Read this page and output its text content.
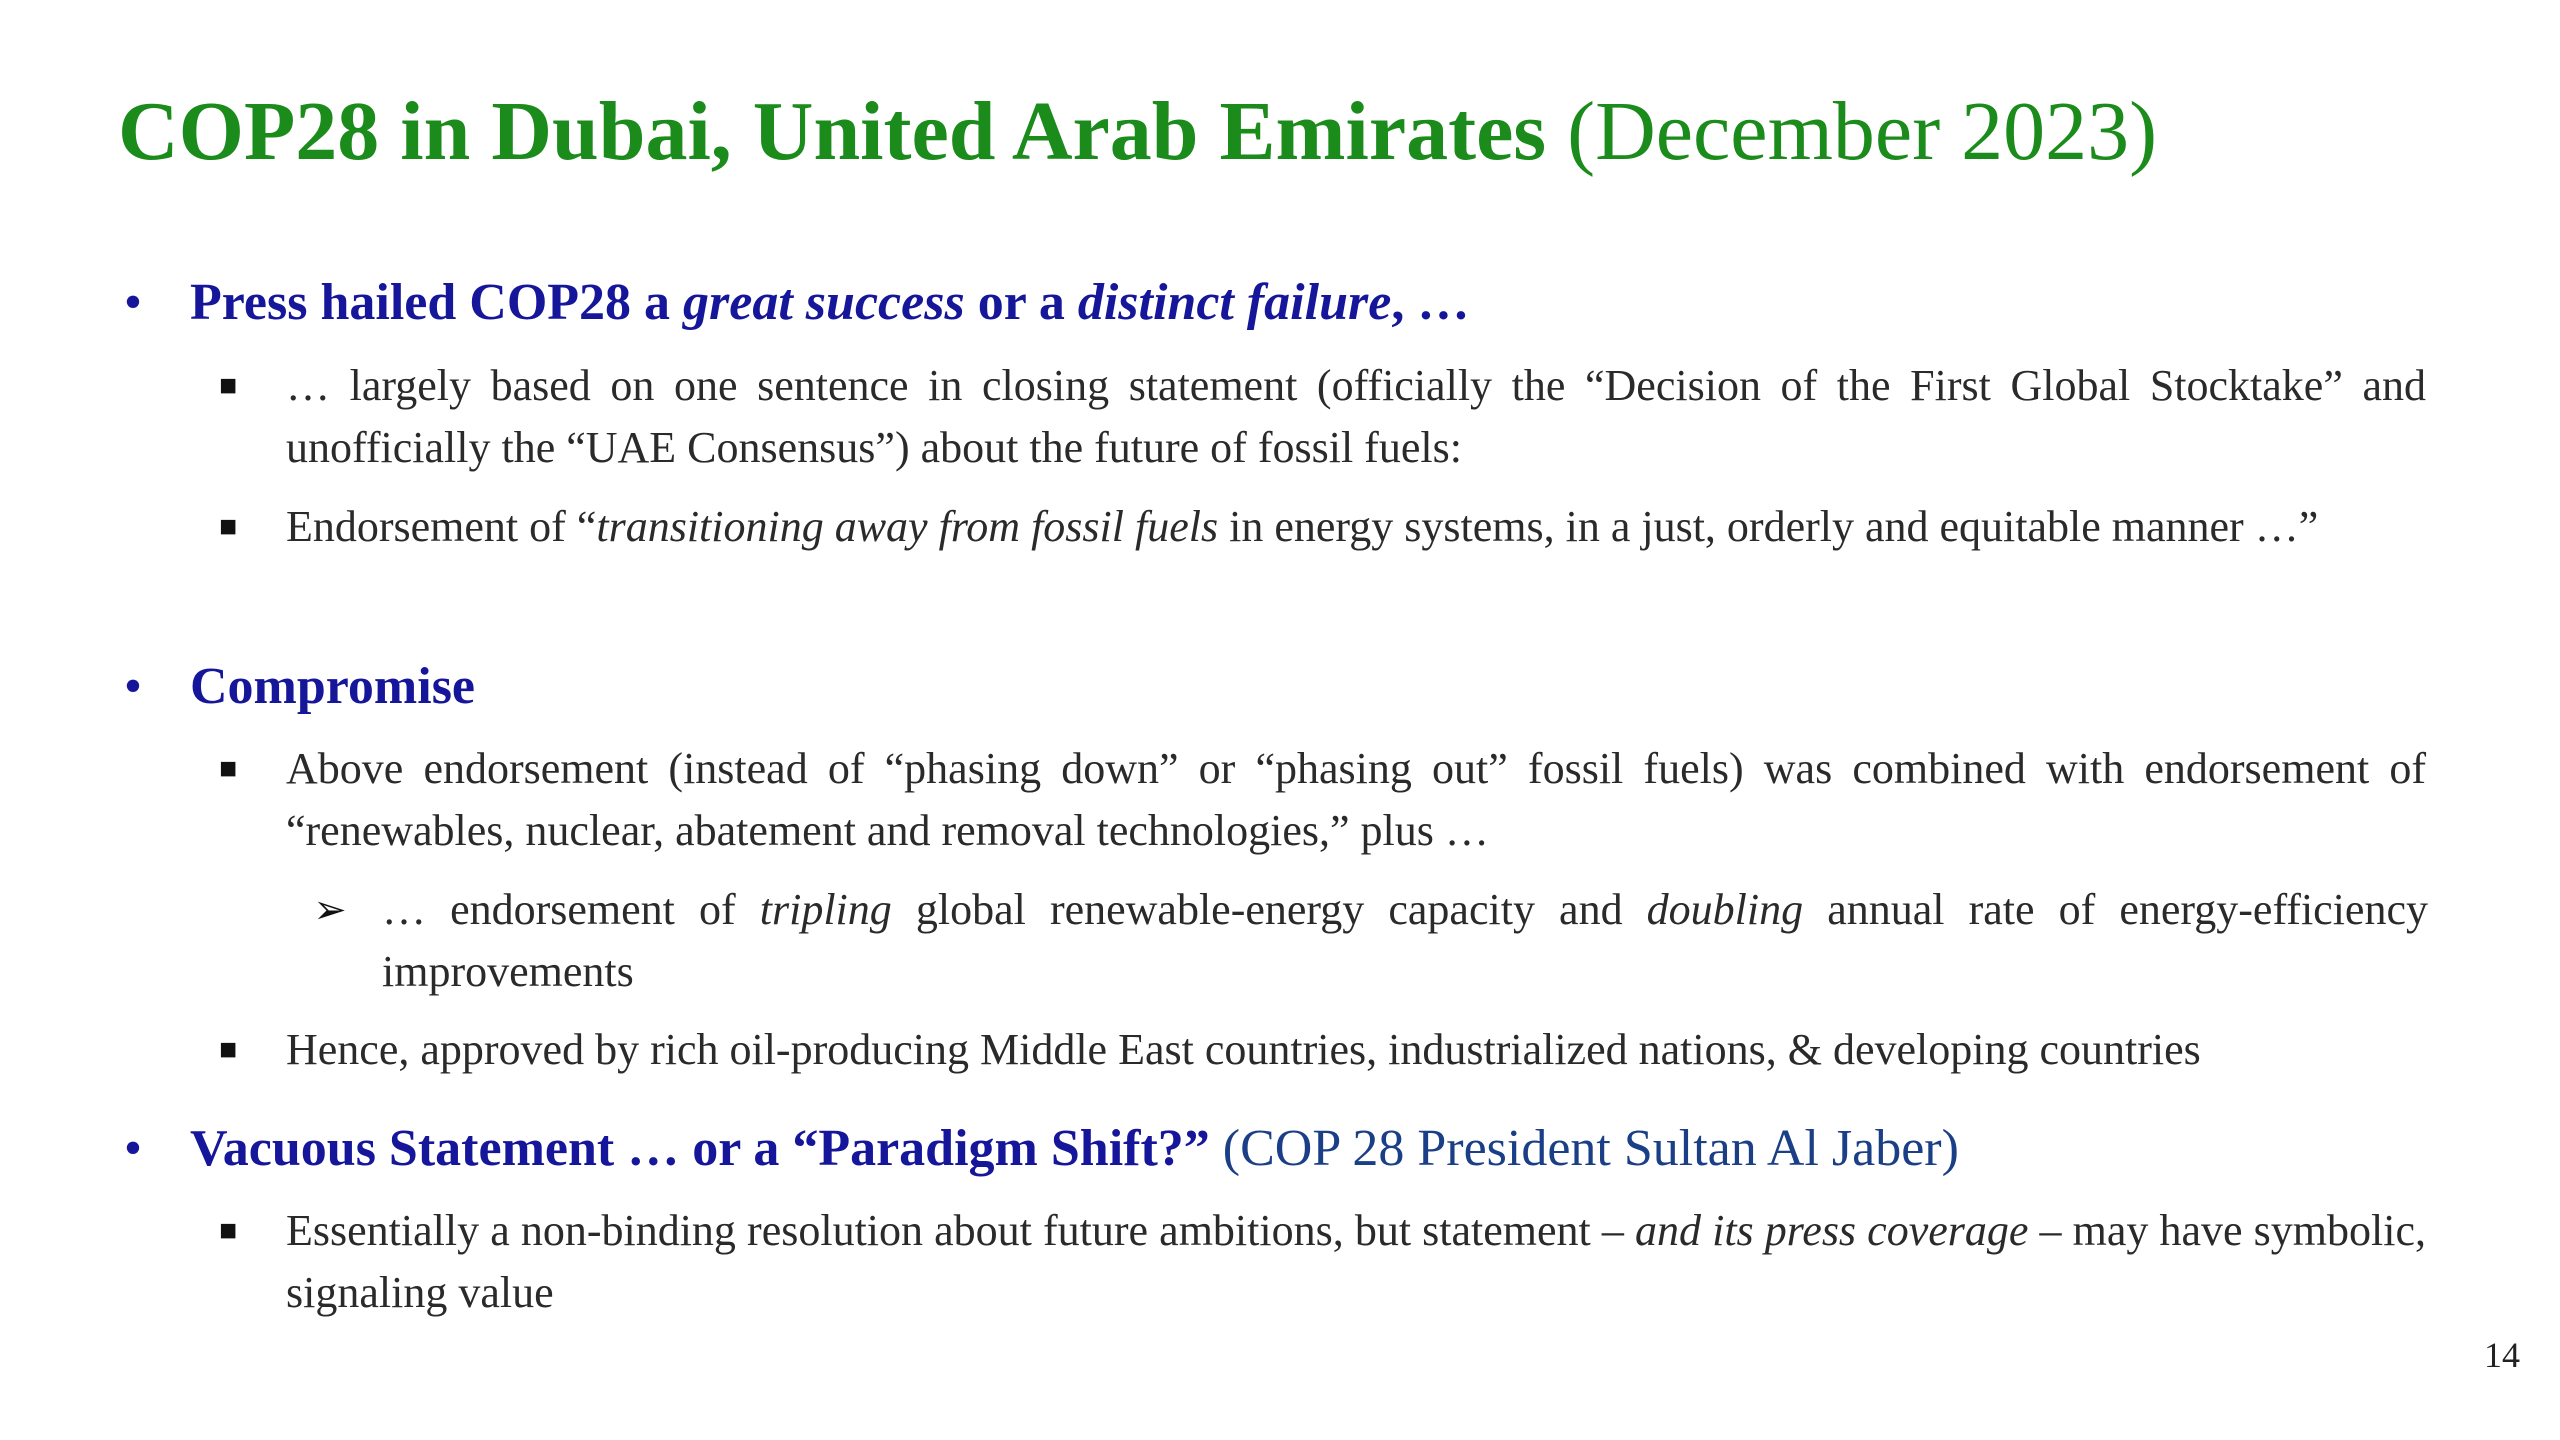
COP28 in Dubai, United Arab Emirates (December 2023)
• Press hailed COP28 a great success or a distinct failure, …
■ … largely based on one sentence in closing statement (officially the “Decision of the First Global Stocktake” and unofficially the “UAE Consensus”) about the future of fossil fuels:
■ Endorsement of “transitioning away from fossil fuels in energy systems, in a just, orderly and equitable manner …”
• Compromise
■ Above endorsement (instead of “phasing down” or “phasing out” fossil fuels) was combined with endorsement of “renewables, nuclear, abatement and removal technologies,” plus …
➢ … endorsement of tripling global renewable-energy capacity and doubling annual rate of energy-efficiency improvements
■ Hence, approved by rich oil-producing Middle East countries, industrialized nations, & developing countries
• Vacuous Statement … or a “Paradigm Shift?” (COP 28 President Sultan Al Jaber)
■ Essentially a non-binding resolution about future ambitions, but statement – and its press coverage – may have symbolic, signaling value
14
